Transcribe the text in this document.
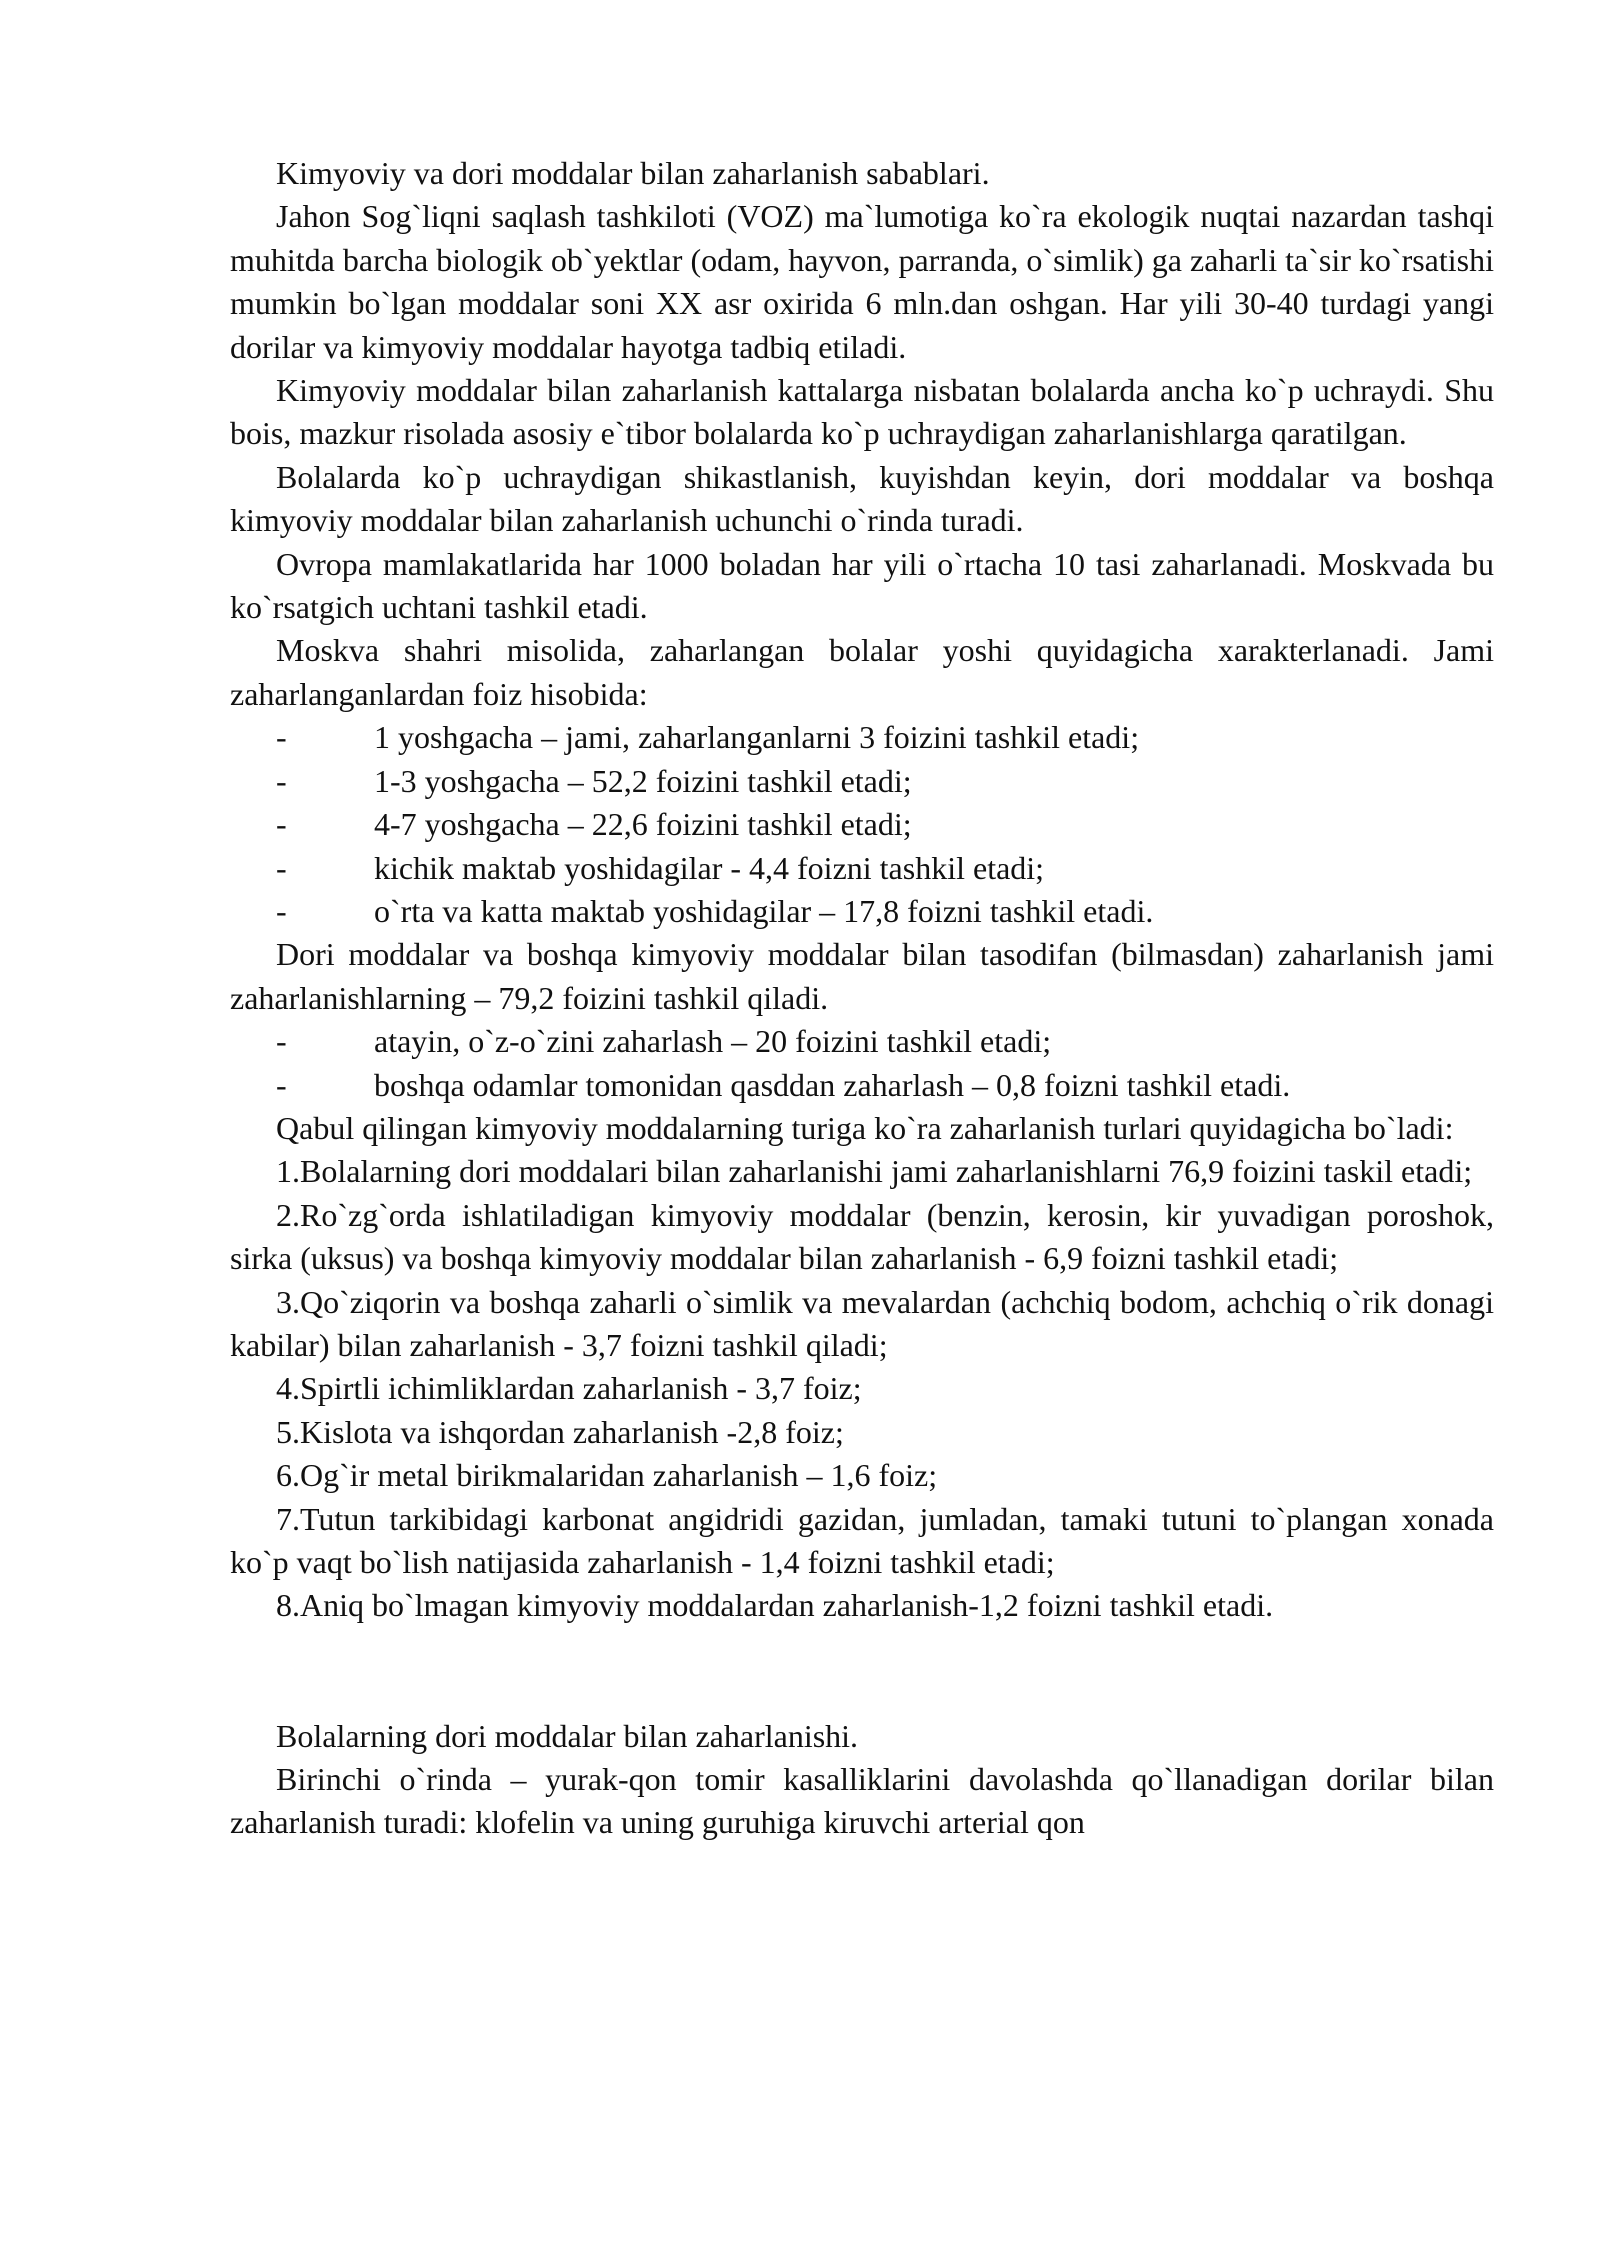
Kimyoviy va dori moddalar bilan zaharlanish sabablari.

Jahon Sog`liqni saqlash tashkiloti (VOZ) ma`lumotiga ko`ra ekologik nuqtai nazardan tashqi muhitda barcha biologik ob`yektlar (odam, hayvon, parranda, o`simlik) ga zaharli ta`sir ko`rsatishi mumkin bo`lgan moddalar soni XX asr oxirida 6 mln.dan oshgan. Har yili 30-40 turdagi yangi dorilar va kimyoviy moddalar hayotga tadbiq etiladi.

Kimyoviy moddalar bilan zaharlanish kattalarga nisbatan bolalarda ancha ko`p uchraydi. Shu bois, mazkur risolada asosiy e`tibor bolalarda ko`p uchraydigan zaharlanishlarga qaratilgan.

Bolalarda ko`p uchraydigan shikastlanish, kuyishdan keyin, dori moddalar va boshqa kimyoviy moddalar bilan zaharlanish uchunchi o`rinda turadi.

Ovropa mamlakatlarida har 1000 boladan har yili o`rtacha 10 tasi zaharlanadi. Moskvada bu ko`rsatgich uchtani tashkil etadi.

Moskva shahri misolida, zaharlangan bolalar yoshi quyidagicha xarakterlanadi. Jami zaharlanganlardan foiz hisobida:

-	1 yoshgacha – jami, zaharlanganlarni 3 foizini tashkil etadi;
-	1-3 yoshgacha – 52,2 foizini tashkil etadi;
-	4-7 yoshgacha – 22,6 foizini tashkil etadi;
-	kichik maktab yoshidagilar - 4,4 foizni tashkil etadi;
-	o`rta va katta maktab yoshidagilar – 17,8 foizni tashkil etadi.

Dori moddalar va boshqa kimyoviy moddalar bilan tasodifan (bilmasdan) zaharlanish jami zaharlanishlarning – 79,2 foizini tashkil qiladi.

-	atayin, o`z-o`zini zaharlash – 20 foizini tashkil etadi;
-	boshqa odamlar tomonidan qasddan zaharlash – 0,8 foizni tashkil etadi.

Qabul qilingan kimyoviy moddalarning turiga ko`ra zaharlanish turlari quyidagicha bo`ladi:

1.Bolalarning dori moddalari bilan zaharlanishi jami zaharlanishlarni 76,9 foizini taskil etadi;

2.Ro`zg`orda ishlatiladigan kimyoviy moddalar (benzin, kerosin, kir yuvadigan poroshok, sirka (uksus) va boshqa kimyoviy moddalar bilan zaharlanish - 6,9 foizni tashkil etadi;

3.Qo`ziqorin va boshqa zaharli o`simlik va mevalardan (achchiq bodom, achchiq o`rik donagi kabilar) bilan zaharlanish - 3,7 foizni tashkil qiladi;

4.Spirtli ichimliklardan zaharlanish - 3,7 foiz;

5.Kislota va ishqordan zaharlanish -2,8 foiz;

6.Og`ir metal birikmalaridan zaharlanish – 1,6 foiz;

7.Tutun tarkibidagi karbonat angidridi gazidan, jumladan, tamaki tutuni to`plangan xonada ko`p vaqt bo`lish natijasida zaharlanish - 1,4 foizni tashkil etadi;

8.Aniq bo`lmagan kimyoviy moddalardan zaharlanish-1,2 foizni tashkil etadi.

Bolalarning dori moddalar bilan zaharlanishi.

Birinchi o`rinda – yurak-qon tomir kasalliklarini davolashda qo`llanadigan dorilar bilan zaharlanish turadi: klofelin va uning guruhiga kiruvchi arterial qon
